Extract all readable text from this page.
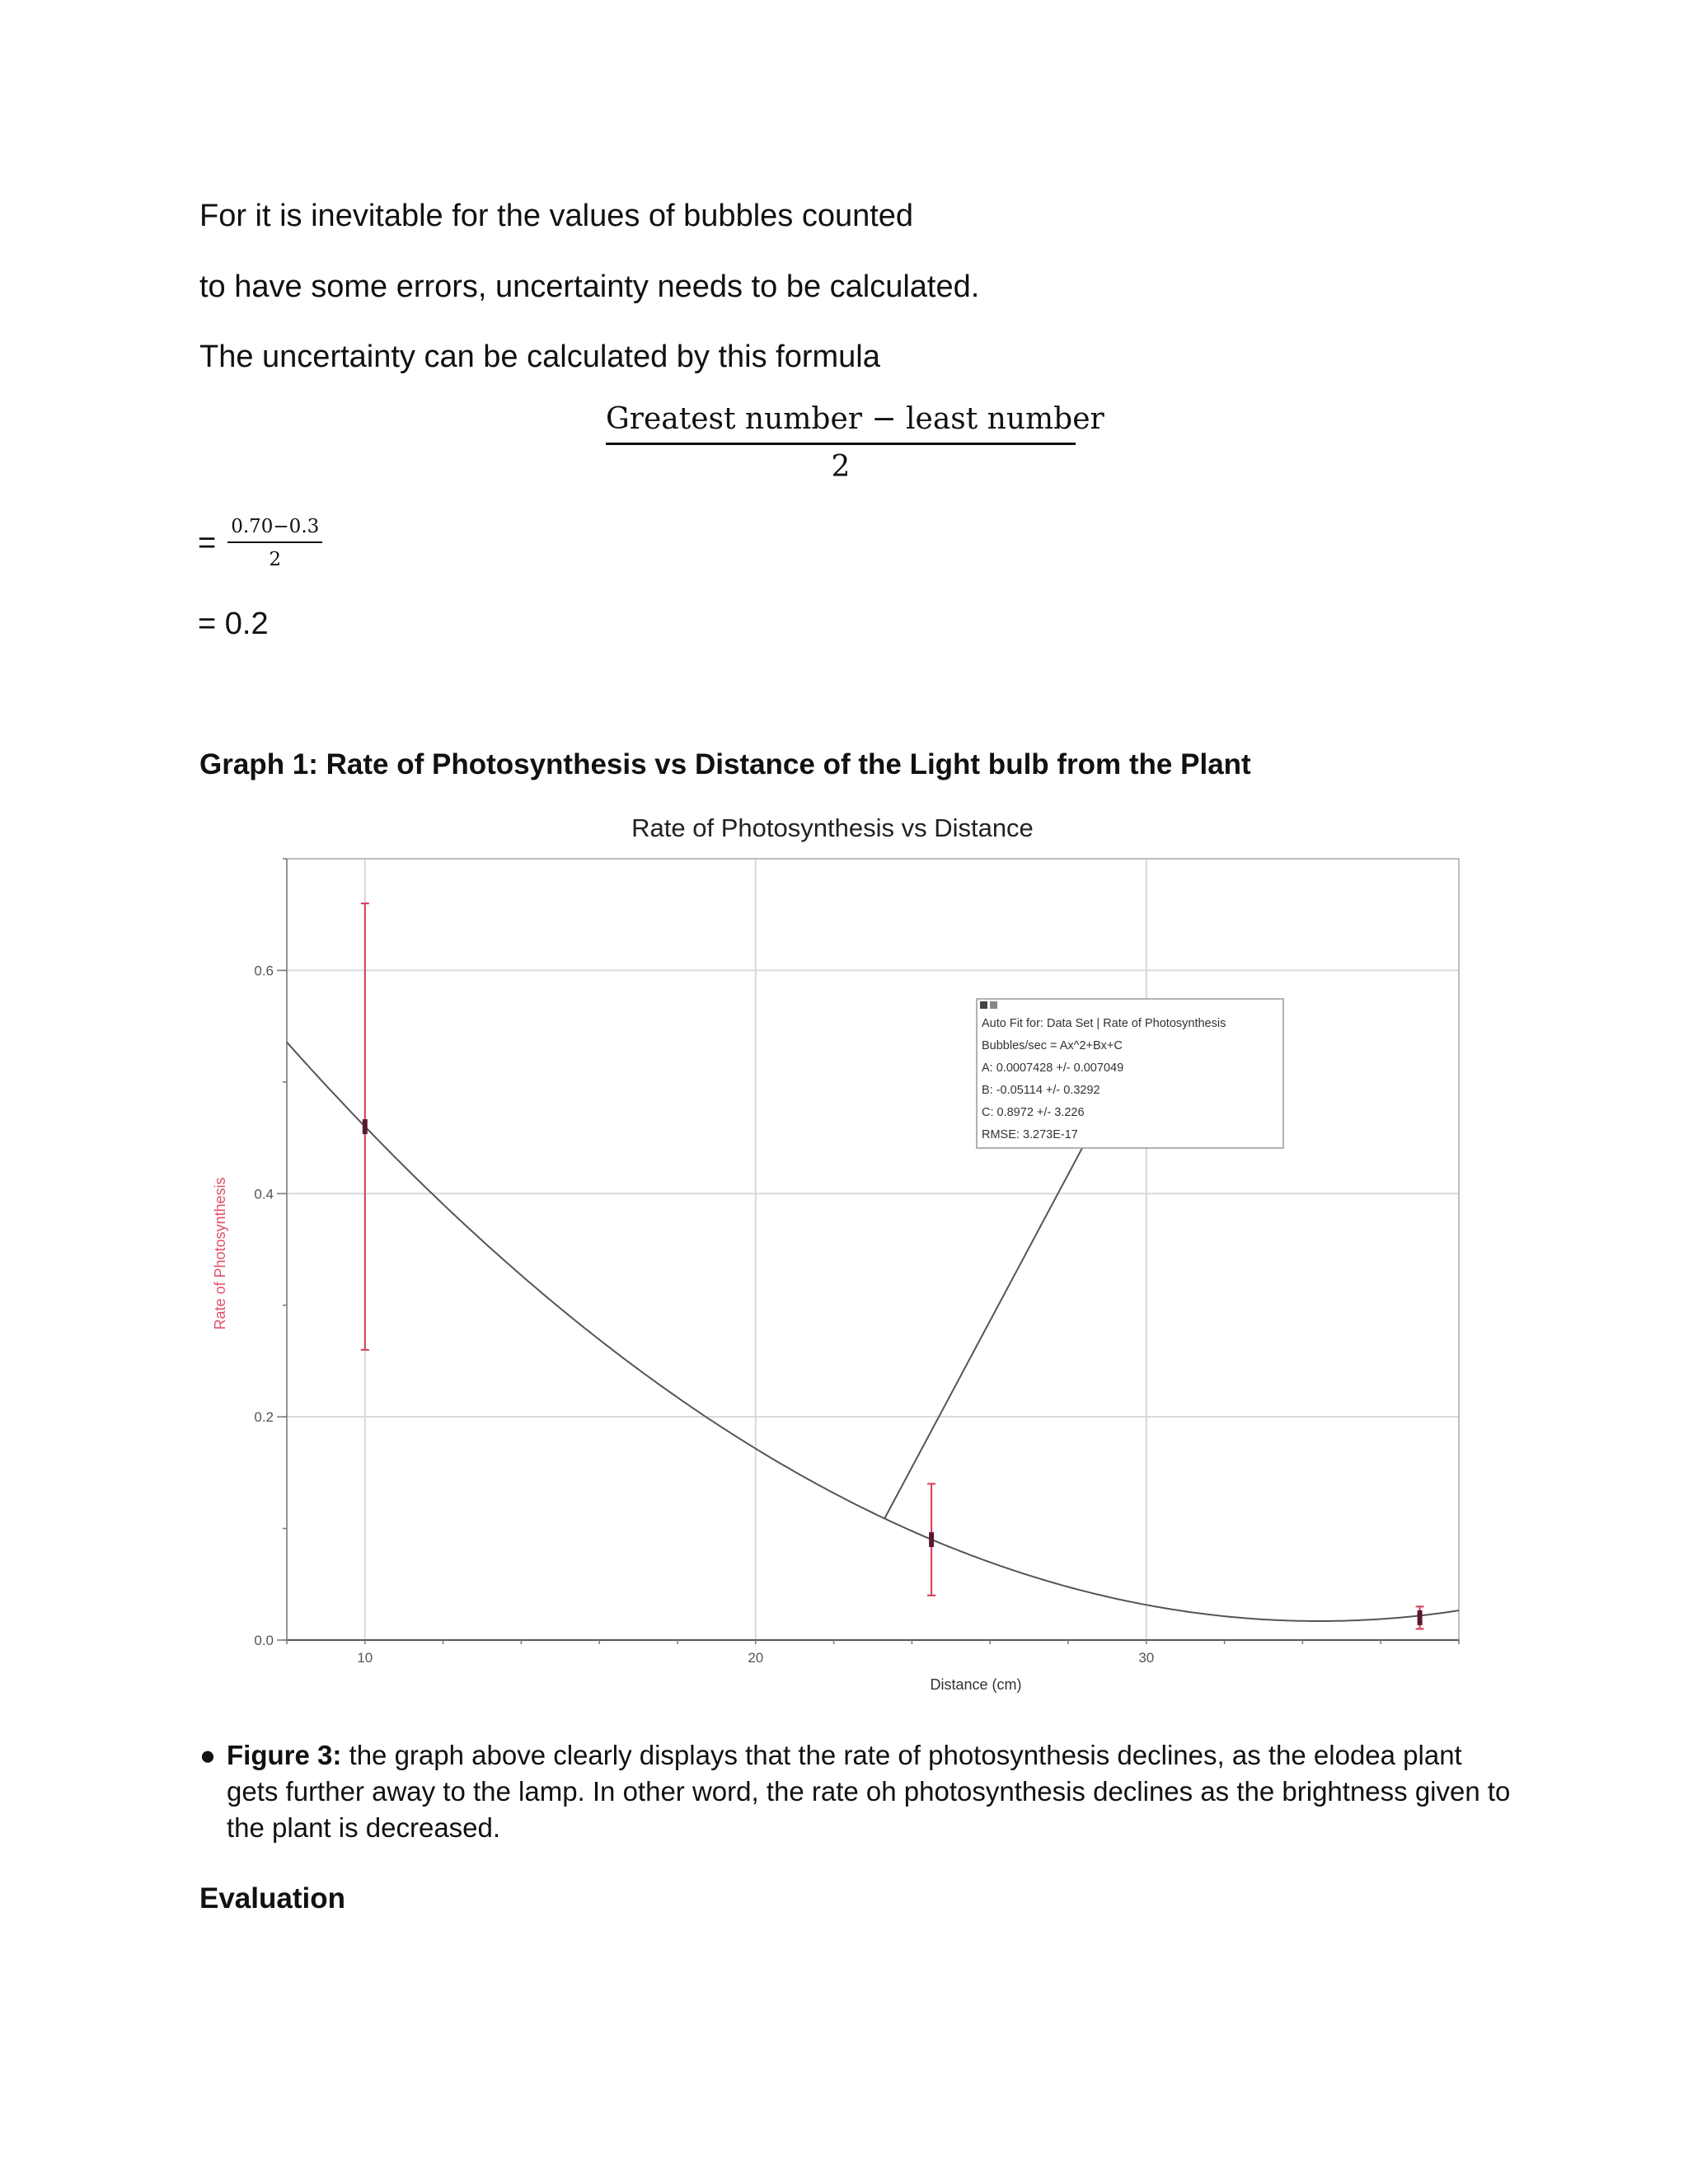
For it is inevitable for the values of bubbles counted

to have some errors, uncertainty needs to be calculated.

The uncertainty can be calculated by this formula

Greatest number − least number
2
= $\frac{0.70-0.3}{2}$
= 0.2
Graph 1: Rate of Photosynthesis vs Distance of the Light bulb from the Plant
Rate of Photosynthesis vs Distance
10	20	30
0.0
0.2
0.4
0.6
Auto Fit for: Data Set | Rate of Photosynthesis
Bubbles/sec = Ax^2+Bx+C
A: 0.0007428 +/- 0.007049
B: -0.05114 +/- 0.3292
C: 0.8972 +/- 3.226
RMSE: 3.273E-17
Distance (cm)
Rate of Photosynthesis
● Figure 3: the graph above clearly displays that the rate of photosynthesis declines, as the elodea plant gets further away to the lamp. In other word, the rate oh photosynthesis declines as the brightness given to the plant is decreased.
Evaluation
